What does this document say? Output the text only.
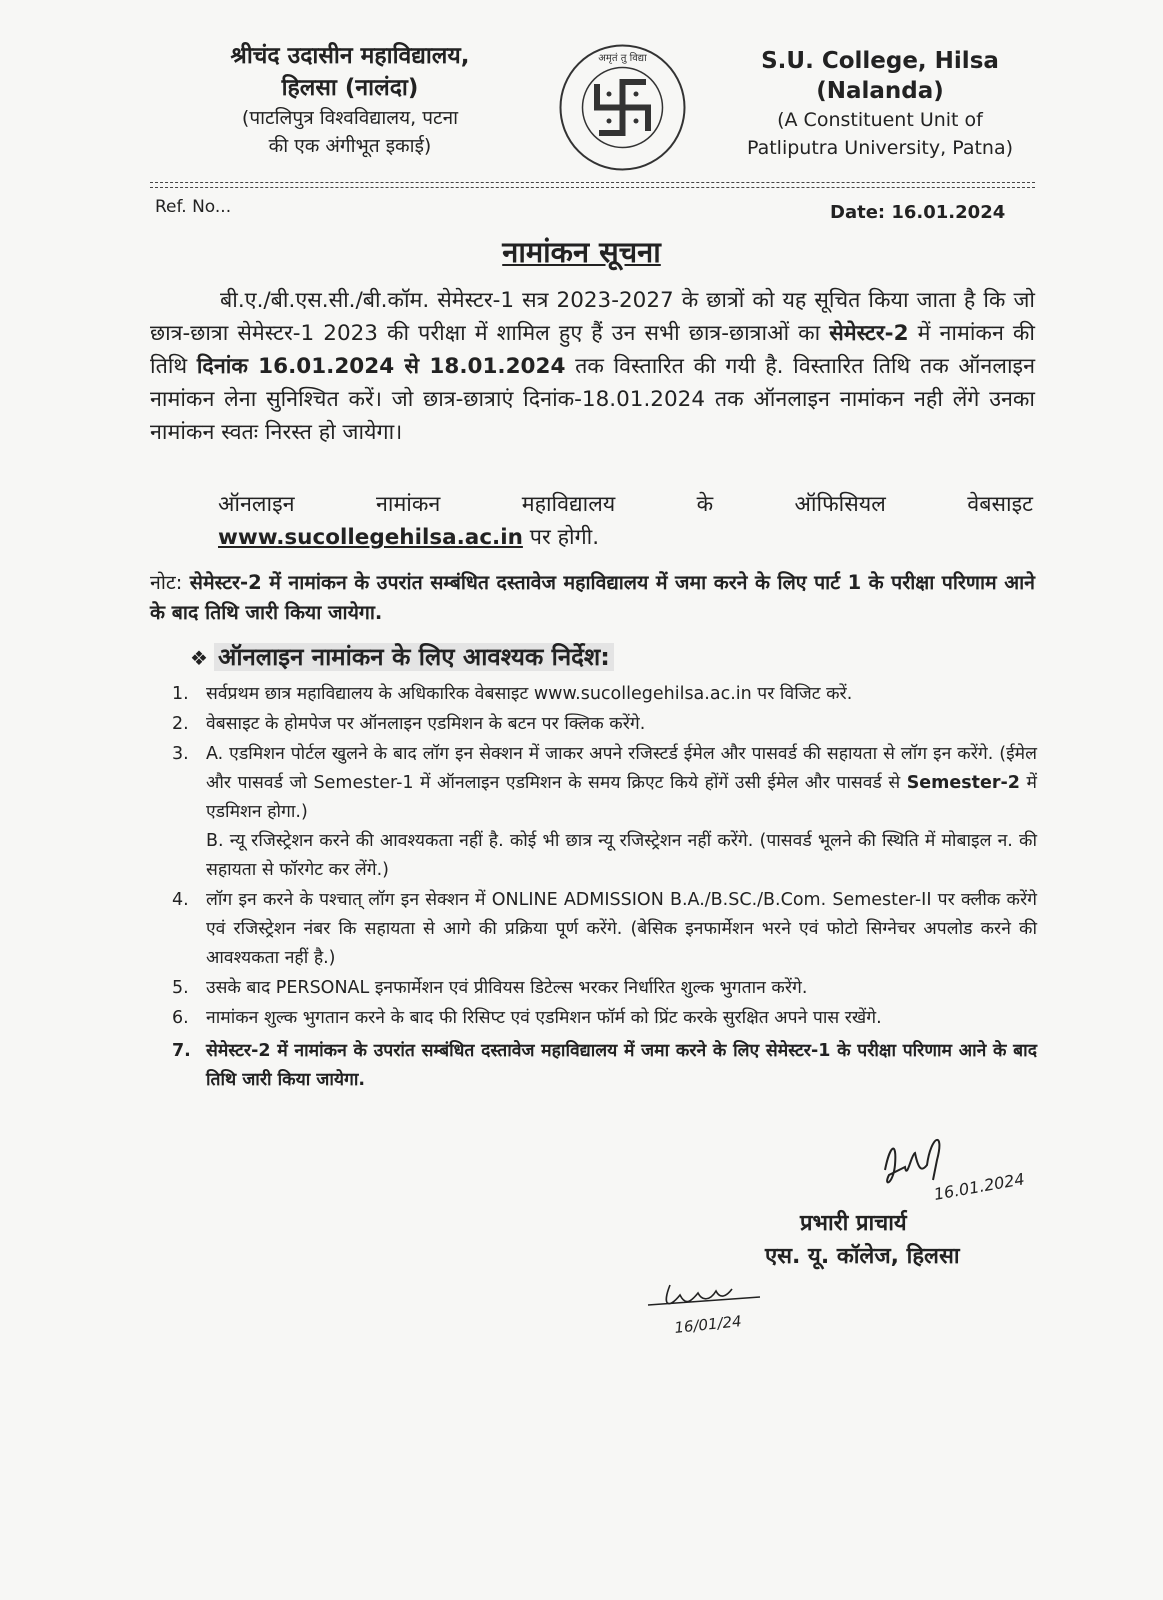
श्रीचंद उदासीन महाविद्यालय,
हिलसा (नालंदा)
(पाटलिपुत्र विश्वविद्यालय, पटना
की एक अंगीभूत इकाई)
अमृतं तु विद्या	S.U. College, Hilsa
(Nalanda)
(A Constituent Unit of
Patliputra University, Patna)
Ref. No...	Date: 16.01.2024
नामांकन सूचना
बी.ए./बी.एस.सी./बी.कॉम. सेमेस्टर-1 सत्र 2023-2027 के छात्रों को यह सूचित किया जाता है कि जो छात्र-छात्रा सेमेस्टर-1 2023 की परीक्षा में शामिल हुए हैं उन सभी छात्र-छात्राओं का सेमेस्टर-2 में नामांकन की तिथि दिनांक 16.01.2024 से 18.01.2024 तक विस्तारित की गयी है. विस्तारित तिथि तक ऑनलाइन नामांकन लेना सुनिश्चित करें। जो छात्र-छात्राएं दिनांक-18.01.2024 तक ऑनलाइन नामांकन नही लेंगे उनका नामांकन स्वतः निरस्त हो जायेगा।
ऑनलाइन	नामांकन	महाविद्यालय	के	ऑफिसियल	वेबसाइट
www.sucollegehilsa.ac.in पर होगी.
नोट: सेमेस्टर-2 में नामांकन के उपरांत सम्बंधित दस्तावेज महाविद्यालय में जमा करने के लिए पार्ट 1 के परीक्षा परिणाम आने के बाद तिथि जारी किया जायेगा.
❖ ऑनलाइन नामांकन के लिए आवश्यक निर्देश:
1. सर्वप्रथम छात्र महाविद्यालय के अधिकारिक वेबसाइट www.sucollegehilsa.ac.in पर विजिट करें.
2. वेबसाइट के होमपेज पर ऑनलाइन एडमिशन के बटन पर क्लिक करेंगे.
3. A. एडमिशन पोर्टल खुलने के बाद लॉग इन सेक्शन में जाकर अपने रजिस्टर्ड ईमेल और पासवर्ड की सहायता से लॉग इन करेंगे. (ईमेल और पासवर्ड जो Semester-1 में ऑनलाइन एडमिशन के समय क्रिएट किये होंगें उसी ईमेल और पासवर्ड से Semester-2 में एडमिशन होगा.)
B. न्यू रजिस्ट्रेशन करने की आवश्यकता नहीं है. कोई भी छात्र न्यू रजिस्ट्रेशन नहीं करेंगे. (पासवर्ड भूलने की स्थिति में मोबाइल न. की सहायता से फॉरगेट कर लेंगे.)
4. लॉग इन करने के पश्चात् लॉग इन सेक्शन में ONLINE ADMISSION B.A./B.SC./B.Com. Semester-II पर क्लीक करेंगे एवं रजिस्ट्रेशन नंबर कि सहायता से आगे की प्रक्रिया पूर्ण करेंगे. (बेसिक इनफार्मेशन भरने एवं फोटो सिग्नेचर अपलोड करने की आवश्यकता नहीं है.)
5. उसके बाद PERSONAL इनफार्मेशन एवं प्रीवियस डिटेल्स भरकर निर्धारित शुल्क भुगतान करेंगे.
6. नामांकन शुल्क भुगतान करने के बाद फी रिसिप्ट एवं एडमिशन फॉर्म को प्रिंट करके सुरक्षित अपने पास रखेंगे.
7. सेमेस्टर-2 में नामांकन के उपरांत सम्बंधित दस्तावेज महाविद्यालय में जमा करने के लिए सेमेस्टर-1 के परीक्षा परिणाम आने के बाद तिथि जारी किया जायेगा.
16.01.2024
प्रभारी प्राचार्य
एस. यू. कॉलेज, हिलसा
16/01/24
